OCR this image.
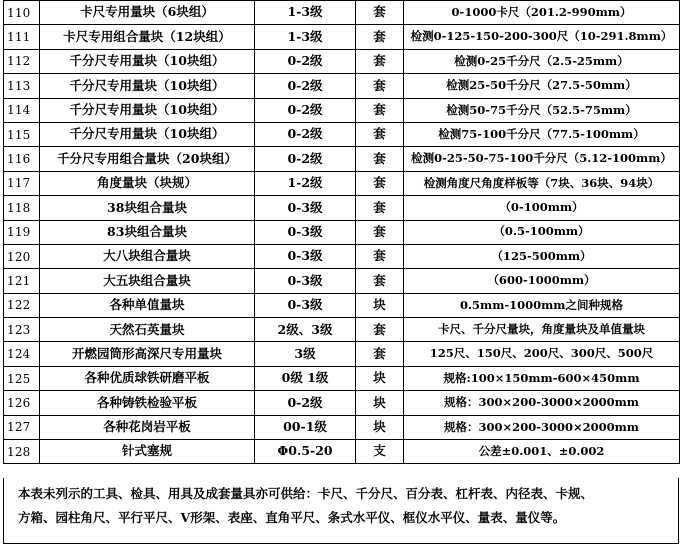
110	卡尺专用量块（6块组）	1-3级	套	0-1000卡尺（201.2-990mm）
111	卡尺专用组合量块（12块组）	1-3级	套	检测0-125-150-200-300尺（10-291.8mm）
112	千分尺专用量块（10块组）	0-2级	套	检测0-25千分尺（2.5-25mm）
113	千分尺专用量块（10块组）	0-2级	套	检测25-50千分尺（27.5-50mm）
114	千分尺专用量块（10块组）	0-2级	套	检测50-75千分尺（52.5-75mm）
115	千分尺专用量块（10块组）	0-2级	套	检测75-100千分尺（77.5-100mm）
116	千分尺专用组合量块（20块组）	0-2级	套	检测0-25-50-75-100千分尺（5.12-100mm）
117	角度量块（块规）	1-2级	套	检测角度尺角度样板等（7块、36块、94块）
118	38块组合量块	0-3级	套	（0-100mm）
119	83块组合量块	0-3级	套	（0.5-100mm）
120	大八块组合量块	0-3级	套	（125-500mm）
121	大五块组合量块	0-3级	套	（600-1000mm）
122	各种单值量块	0-3级	块	0.5mm-1000mm之间种规格
123	天然石英量块	2级、3级	套	卡尺、千分尺量块，角度量块及单值量块
124	开燃园筒形高深尺专用量块	3级	套	125尺、150尺、200尺、300尺、500尺
125	各种优质球铁研磨平板	0级 1级	块	规格:100×150mm-600×450mm
126	各种铸铁检验平板	0-2级	块	规格：300×200-3000×2000mm
127	各种花岗岩平板	00-1级	块	规格：300×200-3000×2000mm
128	针式塞规	Φ0.5-20	支	公差±0.001、±0.002
本表未列示的工具、检具、用具及成套量具亦可供给：卡尺、千分尺、百分表、杠杆表、内径表、卡规、
方箱、园柱角尺、平行平尺、V形架、表座、直角平尺、条式水平仪、框仪水平仪、量表、量仪等。
